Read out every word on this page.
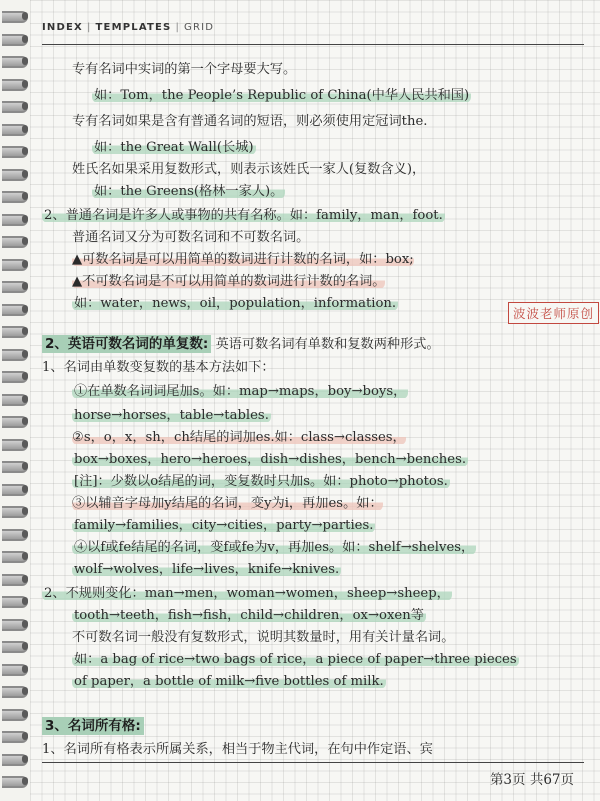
INDEX | TEMPLATES | GRID
专有名词中实词的第一个字母要大写。
如：Tom，the People’s Republic of China(中华人民共和国)
专有名词如果是含有普通名词的短语，则必须使用定冠词the.
如：the Great Wall(长城)
姓氏名如果采用复数形式，则表示该姓氏一家人(复数含义)，
如：the Greens(格林一家人)。
2、普通名词是许多人或事物的共有名称。如：family，man，foot.
普通名词又分为可数名词和不可数名词。
▲可数名词是可以用简单的数词进行计数的名词，如：box;
▲不可数名词是不可以用简单的数词进行计数的名词。
如：water，news，oil，population，information.
波波老师原创
2、英语可数名词的单复数: 英语可数名词有单数和复数两种形式。
1、名词由单数变复数的基本方法如下：
①在单数名词词尾加s。如：map→maps，boy→boys，
horse→horses，table→tables.
②s，o，x，sh，ch结尾的词加es.如：class→classes，
box→boxes，hero→heroes，dish→dishes，bench→benches.
[注]：少数以o结尾的词，变复数时只加s。如：photo→photos.
③以辅音字母加y结尾的名词，变y为i，再加es。如：
family→families，city→cities，party→parties.
④以f或fe结尾的名词，变f或fe为v，再加es。如：shelf→shelves，
wolf→wolves，life→lives，knife→knives.
2、不规则变化：man→men，woman→women，sheep→sheep，
tooth→teeth，fish→fish，child→children，ox→oxen等
不可数名词一般没有复数形式，说明其数量时，用有关计量名词。
如：a bag of rice→two bags of rice，a piece of paper→three pieces
of paper，a bottle of milk→five bottles of milk.
3、名词所有格:
1、名词所有格表示所属关系，相当于物主代词，在句中作定语、宾
第3页 共67页
